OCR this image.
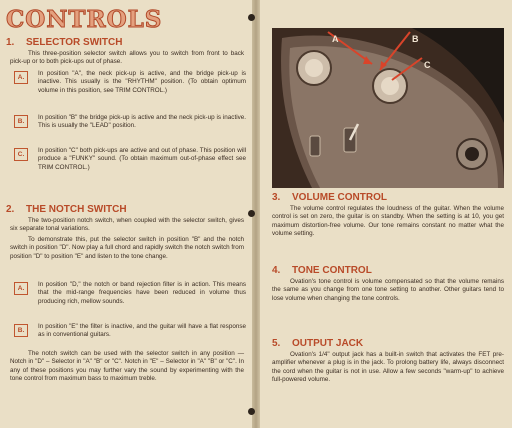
CONTROLS
1. SELECTOR SWITCH
This three-position selector switch allows you to switch from front to back pick-up or to both pick-ups out of phase.
A.
In position "A", the neck pick-up is active, and the bridge pick-up is inactive. This usually is the "RHYTHM" position. (To obtain optimum volume in this position, see TRIM CONTROL.)
B.
In position "B" the bridge pick-up is active and the neck pick-up is inactive. This is usually the "LEAD" position.
C.
In position "C" both pick-ups are active and out of phase. This position will produce a "FUNKY" sound. (To obtain maximum out-of-phase effect see TRIM CONTROL.)
2. THE NOTCH SWITCH
The two-position notch switch, when coupled with the selector switch, gives six separate tonal variations.
To demonstrate this, put the selector switch in position "B" and the notch switch in position "D". Now play a full chord and rapidly switch the notch switch from position "D" to position "E" and listen to the tone change.
A.
In position "D," the notch or band rejection filter is in action. This means that the mid-range frequencies have been reduced in volume thus producing rich, mellow sounds.
B.
In position "E" the filter is inactive, and the guitar will have a flat response as in conventional guitars.
The notch switch can be used with the selector switch in any position — Notch in "D" – Selector in "A" "B" or "C". Notch in "E" – Selector in "A" "B" or "C". In any of these positions you may further vary the sound by experimenting with the tone control from maximum bass to maximum treble.
A	B
C
3. VOLUME CONTROL
The volume control regulates the loudness of the guitar. When the volume control is set on zero, the guitar is on standby. When the setting is at 10, you get maximum distortion-free volume. Our tone remains constant no matter what the volume setting.
4. TONE CONTROL
Ovation's tone control is volume compensated so that the volume remains the same as you change from one tone setting to another. Other guitars tend to lose volume when changing the tone controls.
5. OUTPUT JACK
Ovation's 1/4" output jack has a built-in switch that activates the FET pre-amplifier whenever a plug is in the jack. To prolong battery life, always disconnect the cord when the guitar is not in use. Allow a few seconds "warm-up" to achieve full-powered volume.
